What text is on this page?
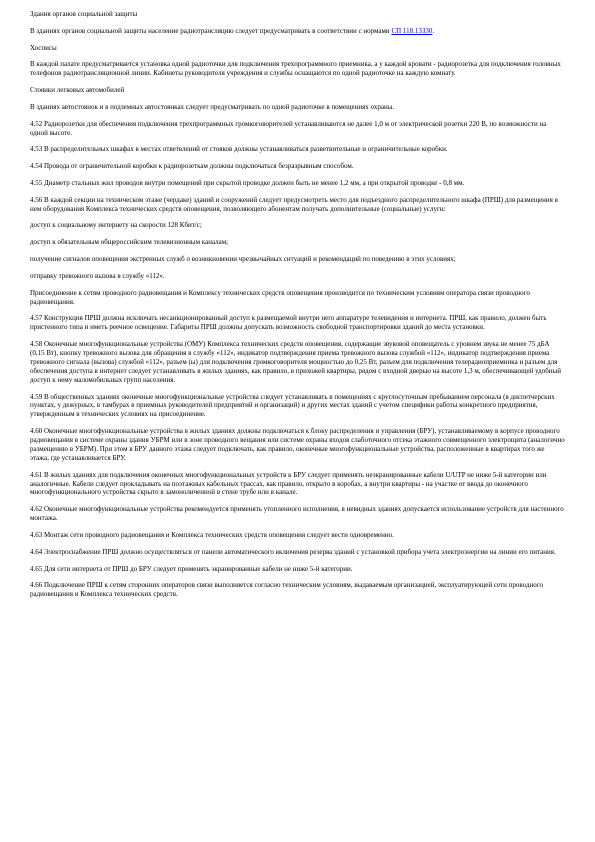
Здания органов социальной защиты

В зданиях органов социальной защиты население радиотрансляцию следует предусматривать в соответствии с нормами СП 118.13330.

Хосписы

В каждой палате предусматривается установка одной радиоточки для подключения трехпрограммного приемника, а у каждой кровати - радиорозетка для подключения головных телефонов радиотрансляционной линии. Кабинеты руководителя учреждения и службы оснащаются по одной радиоточке на каждую комнату.

Стоянки легковых автомобилей

В зданиях автостоянок и в подземных автостоянках следует предусматривать по одной радиоточке в помещениях охраны.

4.52 Радиорозетки для обеспечения подключения трехпрограммных громкоговорителей устанавливаются не далее 1,0 м от электрической розетки 220 В, по возможности на одной высоте.

4.53 В распределительных шкафах в местах ответвлений от стояков должны устанавливаться разветвительные и ограничительные коробки.

4.54 Провода от ограничительной коробки к радиорозеткам должны подключаться безразрывным способом.

4.55 Диаметр стальных жил проводов внутри помещений при скрытой проводке должен быть не менее 1,2 мм, а при открытой проводке - 0,8 мм.

4.56 В каждой секции на техническом этаже (чердаке) зданий и сооружений следует предусмотреть место для подъездного распределительного шкафа (ПРШ) для размещения в нем оборудования Комплекса технических средств оповещения, позволяющего абонентам получать дополнительные (социальные) услуги:

доступ к социальному интернету на скорости 128 Кбит/с;

доступ к обязательным общероссийским телевизионным каналам;

получение сигналов оповещения экстренных служб о возникновении чрезвычайных ситуаций и рекомендаций по поведению в этих условиях;

отправку тревожного вызова в службу «112».

Присоединение к сетям проводного радиовещания и Комплексу технических средств оповещения производится по техническим условиям оператора связи проводного радиовещания.

4.57 Конструкция ПРШ должна исключать несанкционированный доступ к размещаемой внутри него аппаратуре телевидения и интернета. ПРШ, как правило, должен быть пристенного типа и иметь реечное освещение. Габариты ПРШ должны допускать возможность свободной транспортировки зданий до места установки.

4.58 Оконечные многофункциональные устройства (ОМУ) Комплекса технических средств оповещения, содержащие звуковой оповещатель с уровнем звука не менее 75 дБА (0,15 Вт), кнопку тревожного вызова для обращения в службу «112», индикатор подтверждения приема тревожного вызова службой «112», индикатор подтверждения приема тревожного сигнала (вызова) службой «112», разъем (ы) для подключения громкоговорителя мощностью до 0,25 Вт, разъем для подключения телерадиоприемника и разъем для обеспечения доступа в интернет следует устанавливать в жилых зданиях, как правило, в прихожей квартиры, рядом с входной дверью на высоте 1,3 м, обеспечивающей удобный доступ к нему маломобильных групп населения.

4.59 В общественных зданиях оконечные многофункциональные устройства следует устанавливать в помещениях с круглосуточным пребыванием персонала (в диспетчерских пунктах, у дежурных, в тамбурах в приемных руководителей предприятий и организаций) и других местах зданий с учетом специфики работы конкретного предприятия, утвержденным в технических условиях на присоединение.

4.60 Оконечные многофункциональные устройства в жилых зданиях должны подключаться к блоку распределения и управления (БРУ), устанавливаемому в корпусе проводного радиовещания в системе охраны здания УБРМ или в зоне проводного вещания или системе охраны входов слаботочного отсека этажного совмещенного электрощита (аналогично размещению в УБРМ). При этом в БРУ данного этажа следует подключать, как правило, оконечные многофункциональные устройства, расположенные в квартирах того же этажа, где устанавливается БРУ.

4.61 В жилых зданиях для подключения оконечных многофункциональных устройств к БРУ следует применять неэкранированные кабели U/UTP не ниже 5-й категории или аналогичные. Кабели следует прокладывать на поэтажных кабельных трассах, как правило, открыто в коробах, а внутри квартиры - на участке от ввода до оконечного многофункционального устройства скрыто в замоноличенной в стене трубе или в канале.

4.62 Оконечные многофункциональные устройства рекомендуется применять утопленного исполнения, в невидных зданиях допускается использование устройств для настенного монтажа.

4.63 Монтаж сети проводного радиовещания и Комплекса технических средств оповещения следует вести одновременно.

4.64 Электроснабжение ПРШ должно осуществляться от панели автоматического включения резерва зданий с установкой прибора учета электроэнергии на линии его питания.

4.65 Для сети интернета от ПРШ до БРУ следует применять экранированные кабели не ниже 5-й категории.

4.66 Подключение ПРШ к сетям сторонних операторов связи выполняется согласно техническим условиям, выдаваемым организацией, эксплуатирующей сети проводного радиовещания и Комплекса технических средств.
